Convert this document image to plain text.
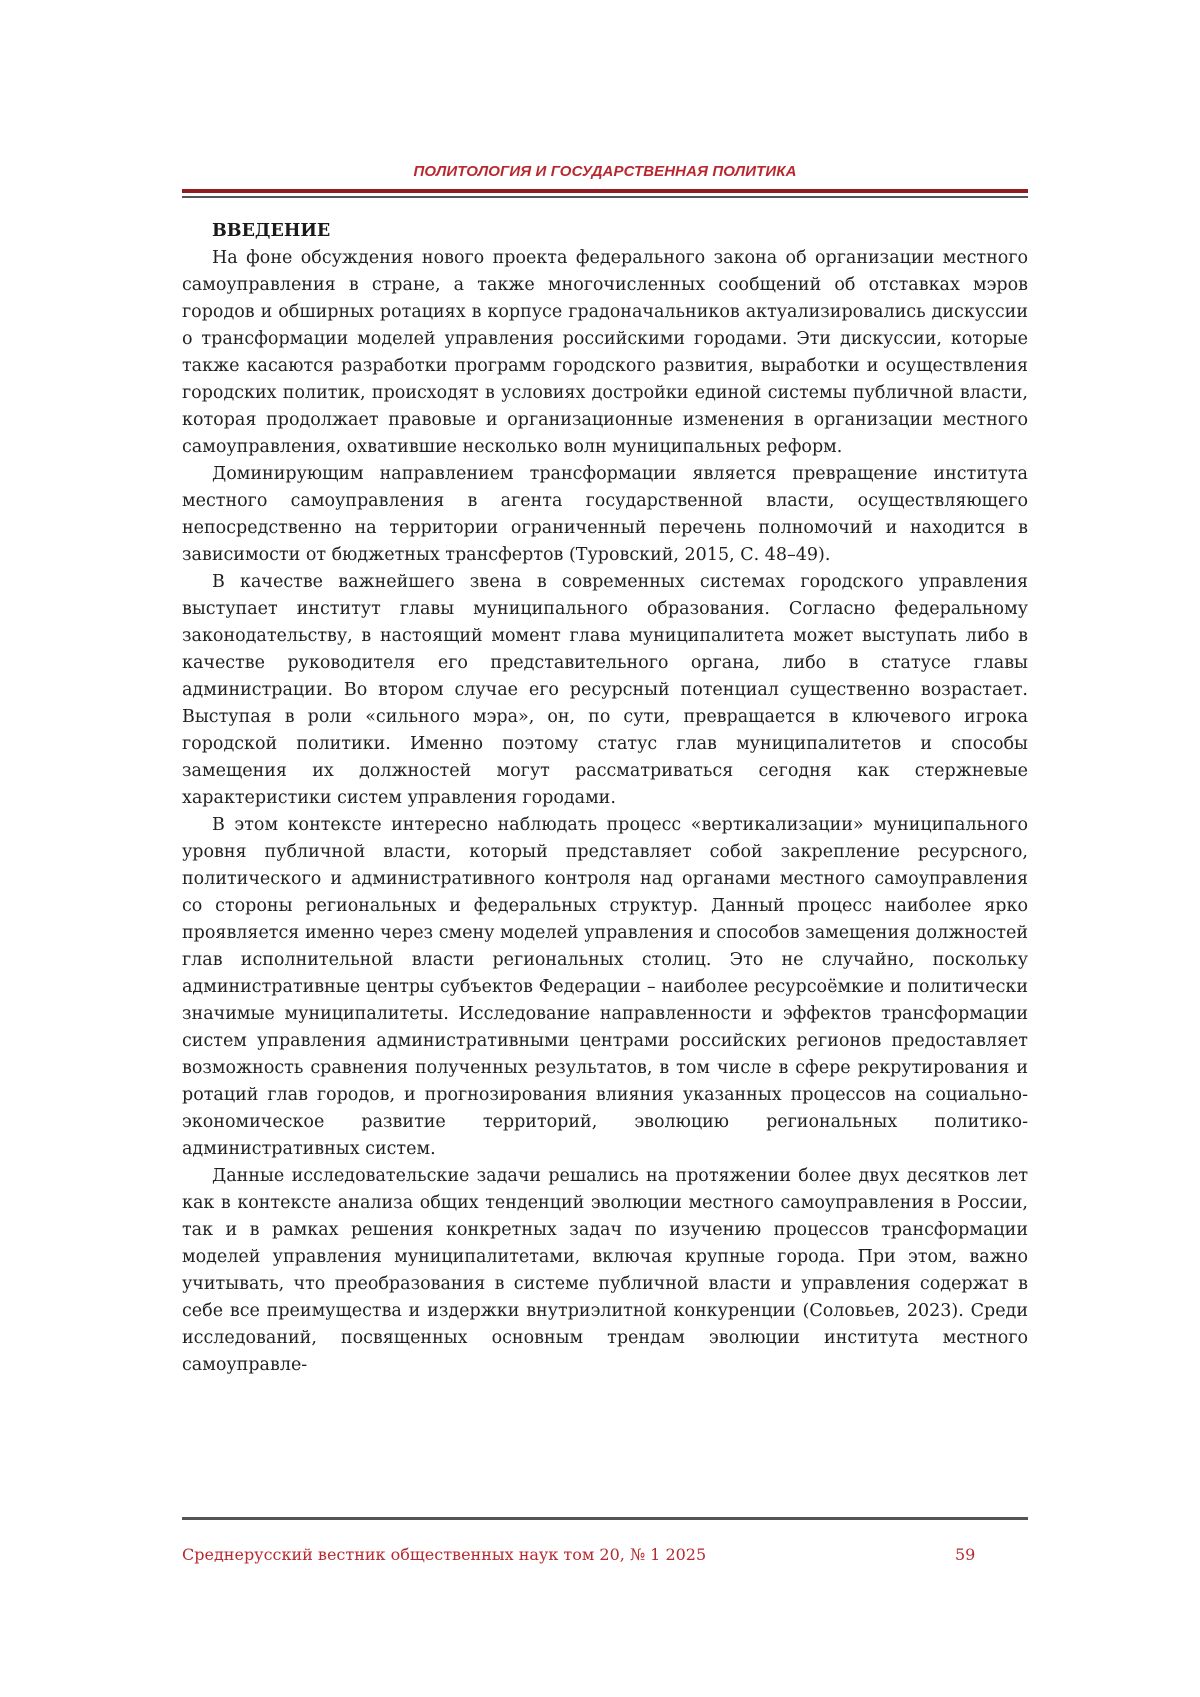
ПОЛИТОЛОГИЯ И ГОСУДАРСТВЕННАЯ ПОЛИТИКА
ВВЕДЕНИЕ

На фоне обсуждения нового проекта федерального закона об организации местного самоуправления в стране, а также многочисленных сообщений об отставках мэров городов и обширных ротациях в корпусе градоначальников актуализировались дискуссии о трансформации моделей управления российскими городами. Эти дискуссии, которые также касаются разработки программ городского развития, выработки и осуществления городских политик, происходят в условиях достройки единой системы публичной власти, которая продолжает правовые и организационные изменения в организации местного самоуправления, охватившие несколько волн муниципальных реформ.

Доминирующим направлением трансформации является превращение института местного самоуправления в агента государственной власти, осуществляющего непосредственно на территории ограниченный перечень полномочий и находится в зависимости от бюджетных трансфертов (Туровский, 2015, С. 48–49).

В качестве важнейшего звена в современных системах городского управления выступает институт главы муниципального образования. Согласно федеральному законодательству, в настоящий момент глава муниципалитета может выступать либо в качестве руководителя его представительного органа, либо в статусе главы администрации. Во втором случае его ресурсный потенциал существенно возрастает. Выступая в роли «сильного мэра», он, по сути, превращается в ключевого игрока городской политики. Именно поэтому статус глав муниципалитетов и способы замещения их должностей могут рассматриваться сегодня как стержневые характеристики систем управления городами.

В этом контексте интересно наблюдать процесс «вертикализации» муниципального уровня публичной власти, который представляет собой закрепление ресурсного, политического и административного контроля над органами местного самоуправления со стороны региональных и федеральных структур. Данный процесс наиболее ярко проявляется именно через смену моделей управления и способов замещения должностей глав исполнительной власти региональных столиц. Это не случайно, поскольку административные центры субъектов Федерации – наиболее ресурсоёмкие и политически значимые муниципалитеты. Исследование направленности и эффектов трансформации систем управления административными центрами российских регионов предоставляет возможность сравнения полученных результатов, в том числе в сфере рекрутирования и ротаций глав городов, и прогнозирования влияния указанных процессов на социально-экономическое развитие территорий, эволюцию региональных политико-административных систем.

Данные исследовательские задачи решались на протяжении более двух десятков лет как в контексте анализа общих тенденций эволюции местного самоуправления в России, так и в рамках решения конкретных задач по изучению процессов трансформации моделей управления муниципалитетами, включая крупные города. При этом, важно учитывать, что преобразования в системе публичной власти и управления содержат в себе все преимущества и издержки внутриэлитной конкуренции (Соловьев, 2023). Среди исследований, посвященных основным трендам эволюции института местного самоуправле-

Среднерусский вестник общественных наук том 20, № 1 2025	59
